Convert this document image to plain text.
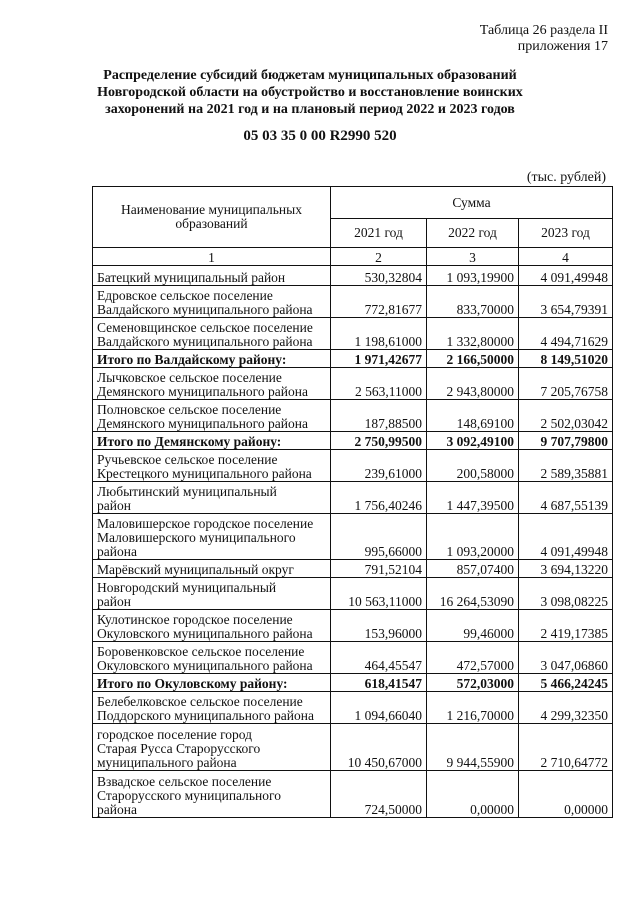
Таблица 26 раздела II
приложения 17
Распределение субсидий бюджетам муниципальных образований
Новгородской области на обустройство и восстановление воинских
захоронений на 2021 год и на плановый период 2022 и 2023 годов
05 03 35 0 00 R2990 520
(тыс. рублей)
Наименование муниципальных образований	Сумма		
	2021 год	2022 год	2023 год
1	2	3	4

Батецкий муниципальный район	530,32804	1 093,19900	4 091,49948

Едровское сельское поселение
Валдайского муниципального района	772,81677	833,70000	3 654,79391

Семеновщинское сельское поселение
Валдайского муниципального района	1 198,61000	1 332,80000	4 494,71629

Итого по Валдайскому району:	1 971,42677	2 166,50000	8 149,51020

Лычковское сельское поселение
Демянского муниципального района	2 563,11000	2 943,80000	7 205,76758

Полновское сельское поселение
Демянского муниципального района	187,88500	148,69100	2 502,03042

Итого по Демянскому району:	2 750,99500	3 092,49100	9 707,79800

Ручьевское сельское поселение
Крестецкого муниципального района	239,61000	200,58000	2 589,35881

Любытинский муниципальный
район	1 756,40246	1 447,39500	4 687,55139

Маловишерское городское поселение
Маловишерского муниципального
района	995,66000	1 093,20000	4 091,49948

Марёвский муниципальный округ	791,52104	857,07400	3 694,13220

Новгородский муниципальный
район	10 563,11000	16 264,53090	3 098,08225

Кулотинское городское поселение
Окуловского муниципального района	153,96000	99,46000	2 419,17385

Боровенковское сельское поселение
Окуловского муниципального района	464,45547	472,57000	3 047,06860

Итого по Окуловскому району:	618,41547	572,03000	5 466,24245

Белебелковское сельское поселение
Поддорского муниципального района	1 094,66040	1 216,70000	4 299,32350

городское поселение город
Старая Русса Старорусского
муниципального района	10 450,67000	9 944,55900	2 710,64772

Взвадское сельское поселение
Старорусского муниципального
района	724,50000	0,00000	0,00000
